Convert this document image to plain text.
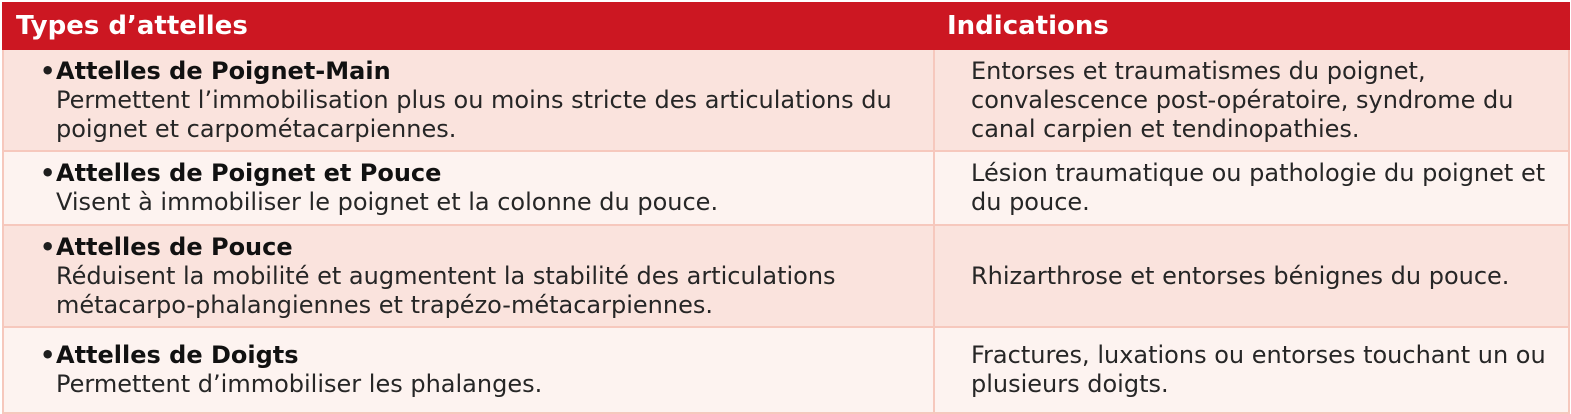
Types d’attelles	Indications

• Attelles de Poignet-Main
Permettent l’immobilisation plus ou moins stricte des articulations du poignet et carpométacarpiennes.	Entorses et traumatismes du poignet, convalescence post-opératoire, syndrome du canal carpien et tendinopathies.

• Attelles de Poignet et Pouce
Visent à immobiliser le poignet et la colonne du pouce.	Lésion traumatique ou pathologie du poignet et du pouce.

• Attelles de Pouce
Réduisent la mobilité et augmentent la stabilité des articulations métacarpo-phalangiennes et trapézo-métacarpiennes.	Rhizarthrose et entorses bénignes du pouce.

• Attelles de Doigts
Permettent d’immobiliser les phalanges.	Fractures, luxations ou entorses touchant un ou plusieurs doigts.
